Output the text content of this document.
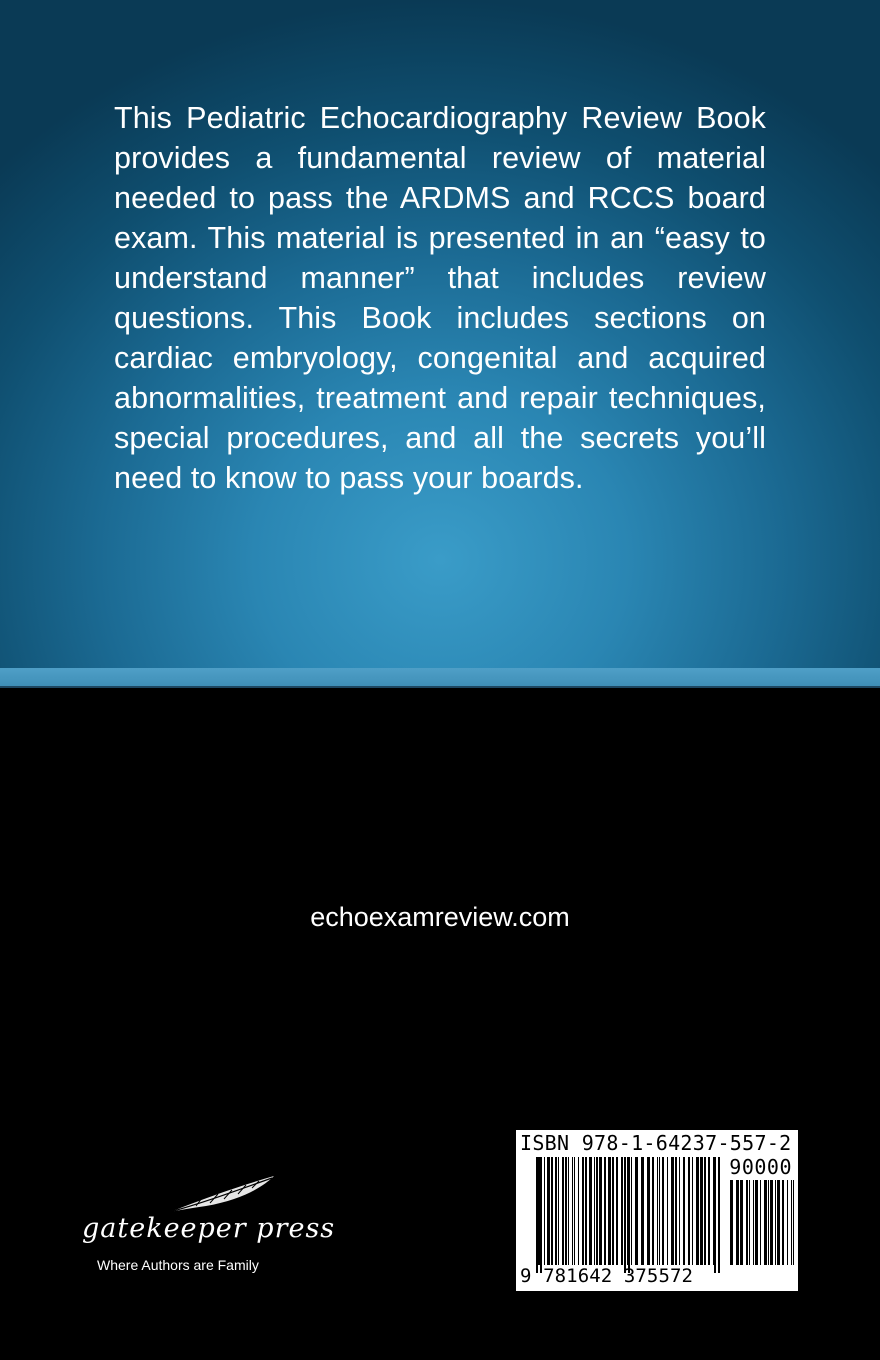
This Pediatric Echocardiography Review Book provides a fundamental review of material needed to pass the ARDMS and RCCS board exam. This material is presented in an “easy to understand manner” that includes review questions. This Book includes sections on cardiac embryology, congenital and acquired abnormalities, treatment and repair techniques, special procedures, and all the secrets you’ll need to know to pass your boards.

echoexamreview.com
gatekeeper press
Where Authors are Family
ISBN 978-1-64237-557-2
90000
9 781642 375572
